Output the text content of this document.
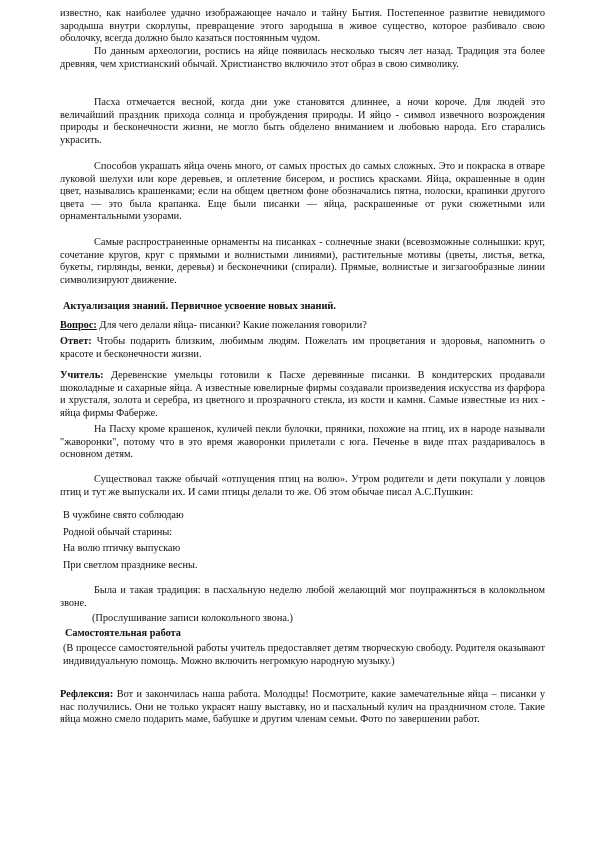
известно, как наиболее удачно изображающее начало и тайну Бытия. Постепенное развитие невидимого зародыша внутри скорлупы, превращение этого зародыша в живое существо, которое разбивало свою оболочку, всегда должно было казаться постоянным чудом.

По данным археологии, роспись на яйце появилась несколько тысяч лет назад. Традиция эта более древняя, чем христианский обычай. Христианство включило этот образ в свою символику.

Пасха отмечается весной, когда дни уже становятся длиннее, а ночи короче. Для людей это величайший праздник прихода солнца и пробуждения природы. И яйцо - символ извечного возрождения природы и бесконечности жизни, не могло быть обделено вниманием и любовью народа. Его старались украсить.

Способов украшать яйца очень много, от самых простых до самых сложных. Это и покраска в отваре луковой шелухи или коре деревьев, и оплетение бисером, и роспись красками. Яйца, окрашенные в один цвет, назывались крашенками; если на общем цветном фоне обозначались пятна, полоски, крапинки другого цвета — это была крапанка. Еще были писанки — яйца, раскрашенные от руки сюжетными или орнаментальными узорами.

Самые распространенные орнаменты на писанках - солнечные знаки (всевозможные солнышки: круг, сочетание кругов, круг с прямыми и волнистыми линиями), растительные мотивы (цветы, листья, ветка, букеты, гирлянды, венки, деревья) и бесконечники (спирали). Прямые, волнистые и зигзагообразные линии символизируют движение.

Актуализация знаний. Первичное усвоение новых знаний.

Вопрос: Для чего делали яйца- писанки? Какие пожелания говорили?

Ответ: Чтобы подарить близким, любимым людям. Пожелать им процветания и здоровья, напомнить о красоте и бесконечности жизни.

Учитель: Деревенские умельцы готовили к Пасхе деревянные писанки. В кондитерских продавали шоколадные и сахарные яйца. А известные ювелирные фирмы создавали произведения искусства из фарфора и хрусталя, золота и серебра, из цветного и прозрачного стекла, из кости и камня. Самые известные из них - яйца фирмы Фаберже.

На Пасху кроме крашенок, куличей пекли булочки, пряники, похожие на птиц, их в народе называли "жаворонки", потому что в это время жаворонки прилетали с юга. Печенье в виде птах раздаривалось в основном детям.

Существовал также обычай «отпущения птиц на волю». Утром родители и дети покупали у ловцов птиц и тут же выпускали их. И сами птицы делали то же. Об этом обычае писал А.С.Пушкин:

В чужбине свято соблюдаю
Родной обычай старины:
На волю птичку выпускаю
При светлом празднике весны.

Была и такая традиция: в пасхальную неделю любой желающий мог поупражняться в колокольном звоне.

(Прослушивание записи колокольного звона.)

Самостоятельная работа

(В процессе самостоятельной работы учитель предоставляет детям творческую свободу. Родителя оказывают индивидуальную помощь. Можно включить негромкую народную музыку.)

Рефлексия: Вот и закончилась наша работа. Молодцы! Посмотрите, какие замечательные яйца – писанки у нас получились. Они не только украсят нашу выставку, но и пасхальный кулич на праздничном столе. Такие яйца можно смело подарить маме, бабушке и другим членам семьи. Фото по завершении работ.
